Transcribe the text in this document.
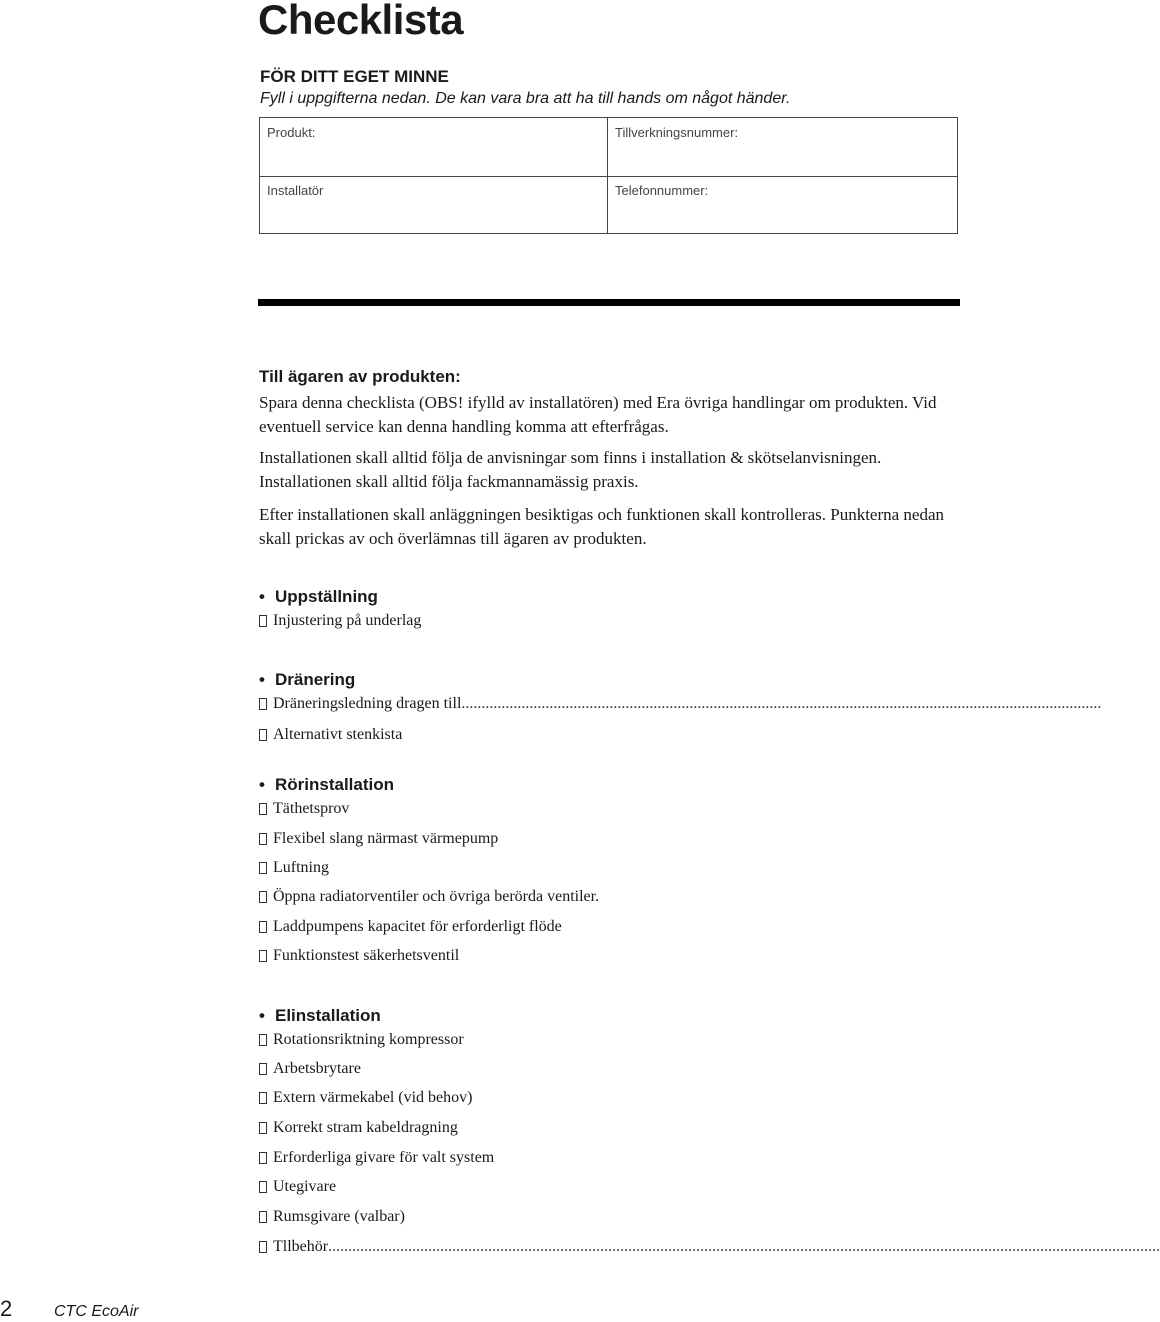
Checklista
FÖR DITT EGET MINNE
Fyll i uppgifterna nedan. De kan vara bra att ha till hands om något händer.
Produkt:	Tillverkningsnummer:
Installatör	Telefonnummer:
Till ägaren av produkten:

Spara denna checklista (OBS! ifylld av installatören) med Era övriga handlingar om produkten. Vid eventuell service kan denna handling komma att efterfrågas.

Installationen skall alltid följa de anvisningar som finns i installation & skötselanvisningen. Installationen skall alltid följa fackmannamässig praxis.

Efter installationen skall anläggningen besiktigas och funktionen skall kontrolleras. Punkterna nedan skall prickas av och överlämnas till ägaren av produkten.

• Uppställning
Injustering på underlag
• Dränering
Dräneringsledning dragen till ................................................................................................................................................................
Alternativt stenkista
• Rörinstallation
Täthetsprov
Flexibel slang närmast värmepump
Luftning
Öppna radiatorventiler och övriga berörda ventiler.
Laddpumpens kapacitet för erforderligt flöde
Funktionstest säkerhetsventil
• Elinstallation
Rotationsriktning kompressor
Arbetsbrytare
Extern värmekabel (vid behov)
Korrekt stram kabeldragning
Erforderliga givare för valt system
Utegivare
Rumsgivare (valbar)
Tllbehör ................................................................................................................................................................................................................
2	CTC EcoAir
